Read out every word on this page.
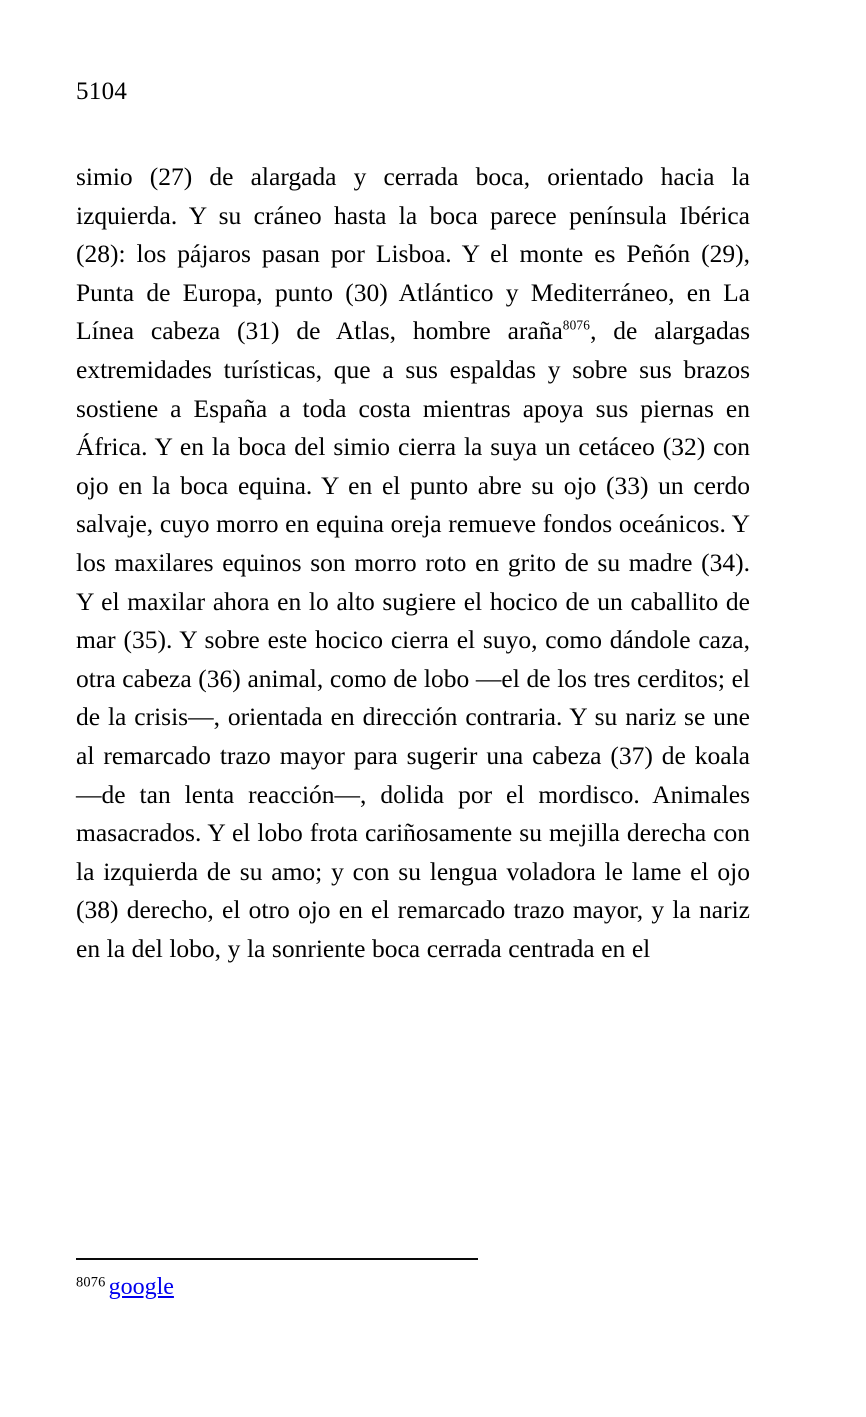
5104

simio (27) de alargada y cerrada boca, orientado hacia la izquierda. Y su cráneo hasta la boca parece península Ibérica (28): los pájaros pasan por Lisboa. Y el monte es Peñón (29), Punta de Europa, punto (30) Atlántico y Mediterráneo, en La Línea cabeza (31) de Atlas, hombre araña$^{8076}$, de alargadas extremidades turísticas, que a sus espaldas y sobre sus brazos sostiene a España a toda costa mientras apoya sus piernas en África. Y en la boca del simio cierra la suya un cetáceo (32) con ojo en la boca equina. Y en el punto abre su ojo (33) un cerdo salvaje, cuyo morro en equina oreja remueve fondos oceánicos. Y los maxilares equinos son morro roto en grito de su madre (34). Y el maxilar ahora en lo alto sugiere el hocico de un caballito de mar (35). Y sobre este hocico cierra el suyo, como dándole caza, otra cabeza (36) animal, como de lobo —el de los tres cerditos; el de la crisis—, orientada en dirección contraria. Y su nariz se une al remarcado trazo mayor para sugerir una cabeza (37) de koala —de tan lenta reacción—, dolida por el mordisco. Animales masacrados. Y el lobo frota cariñosamente su mejilla derecha con la izquierda de su amo; y con su lengua voladora le lame el ojo (38) derecho, el otro ojo en el remarcado trazo mayor, y la nariz en la del lobo, y la sonriente boca cerrada centrada en el

$^{8076}$ google
